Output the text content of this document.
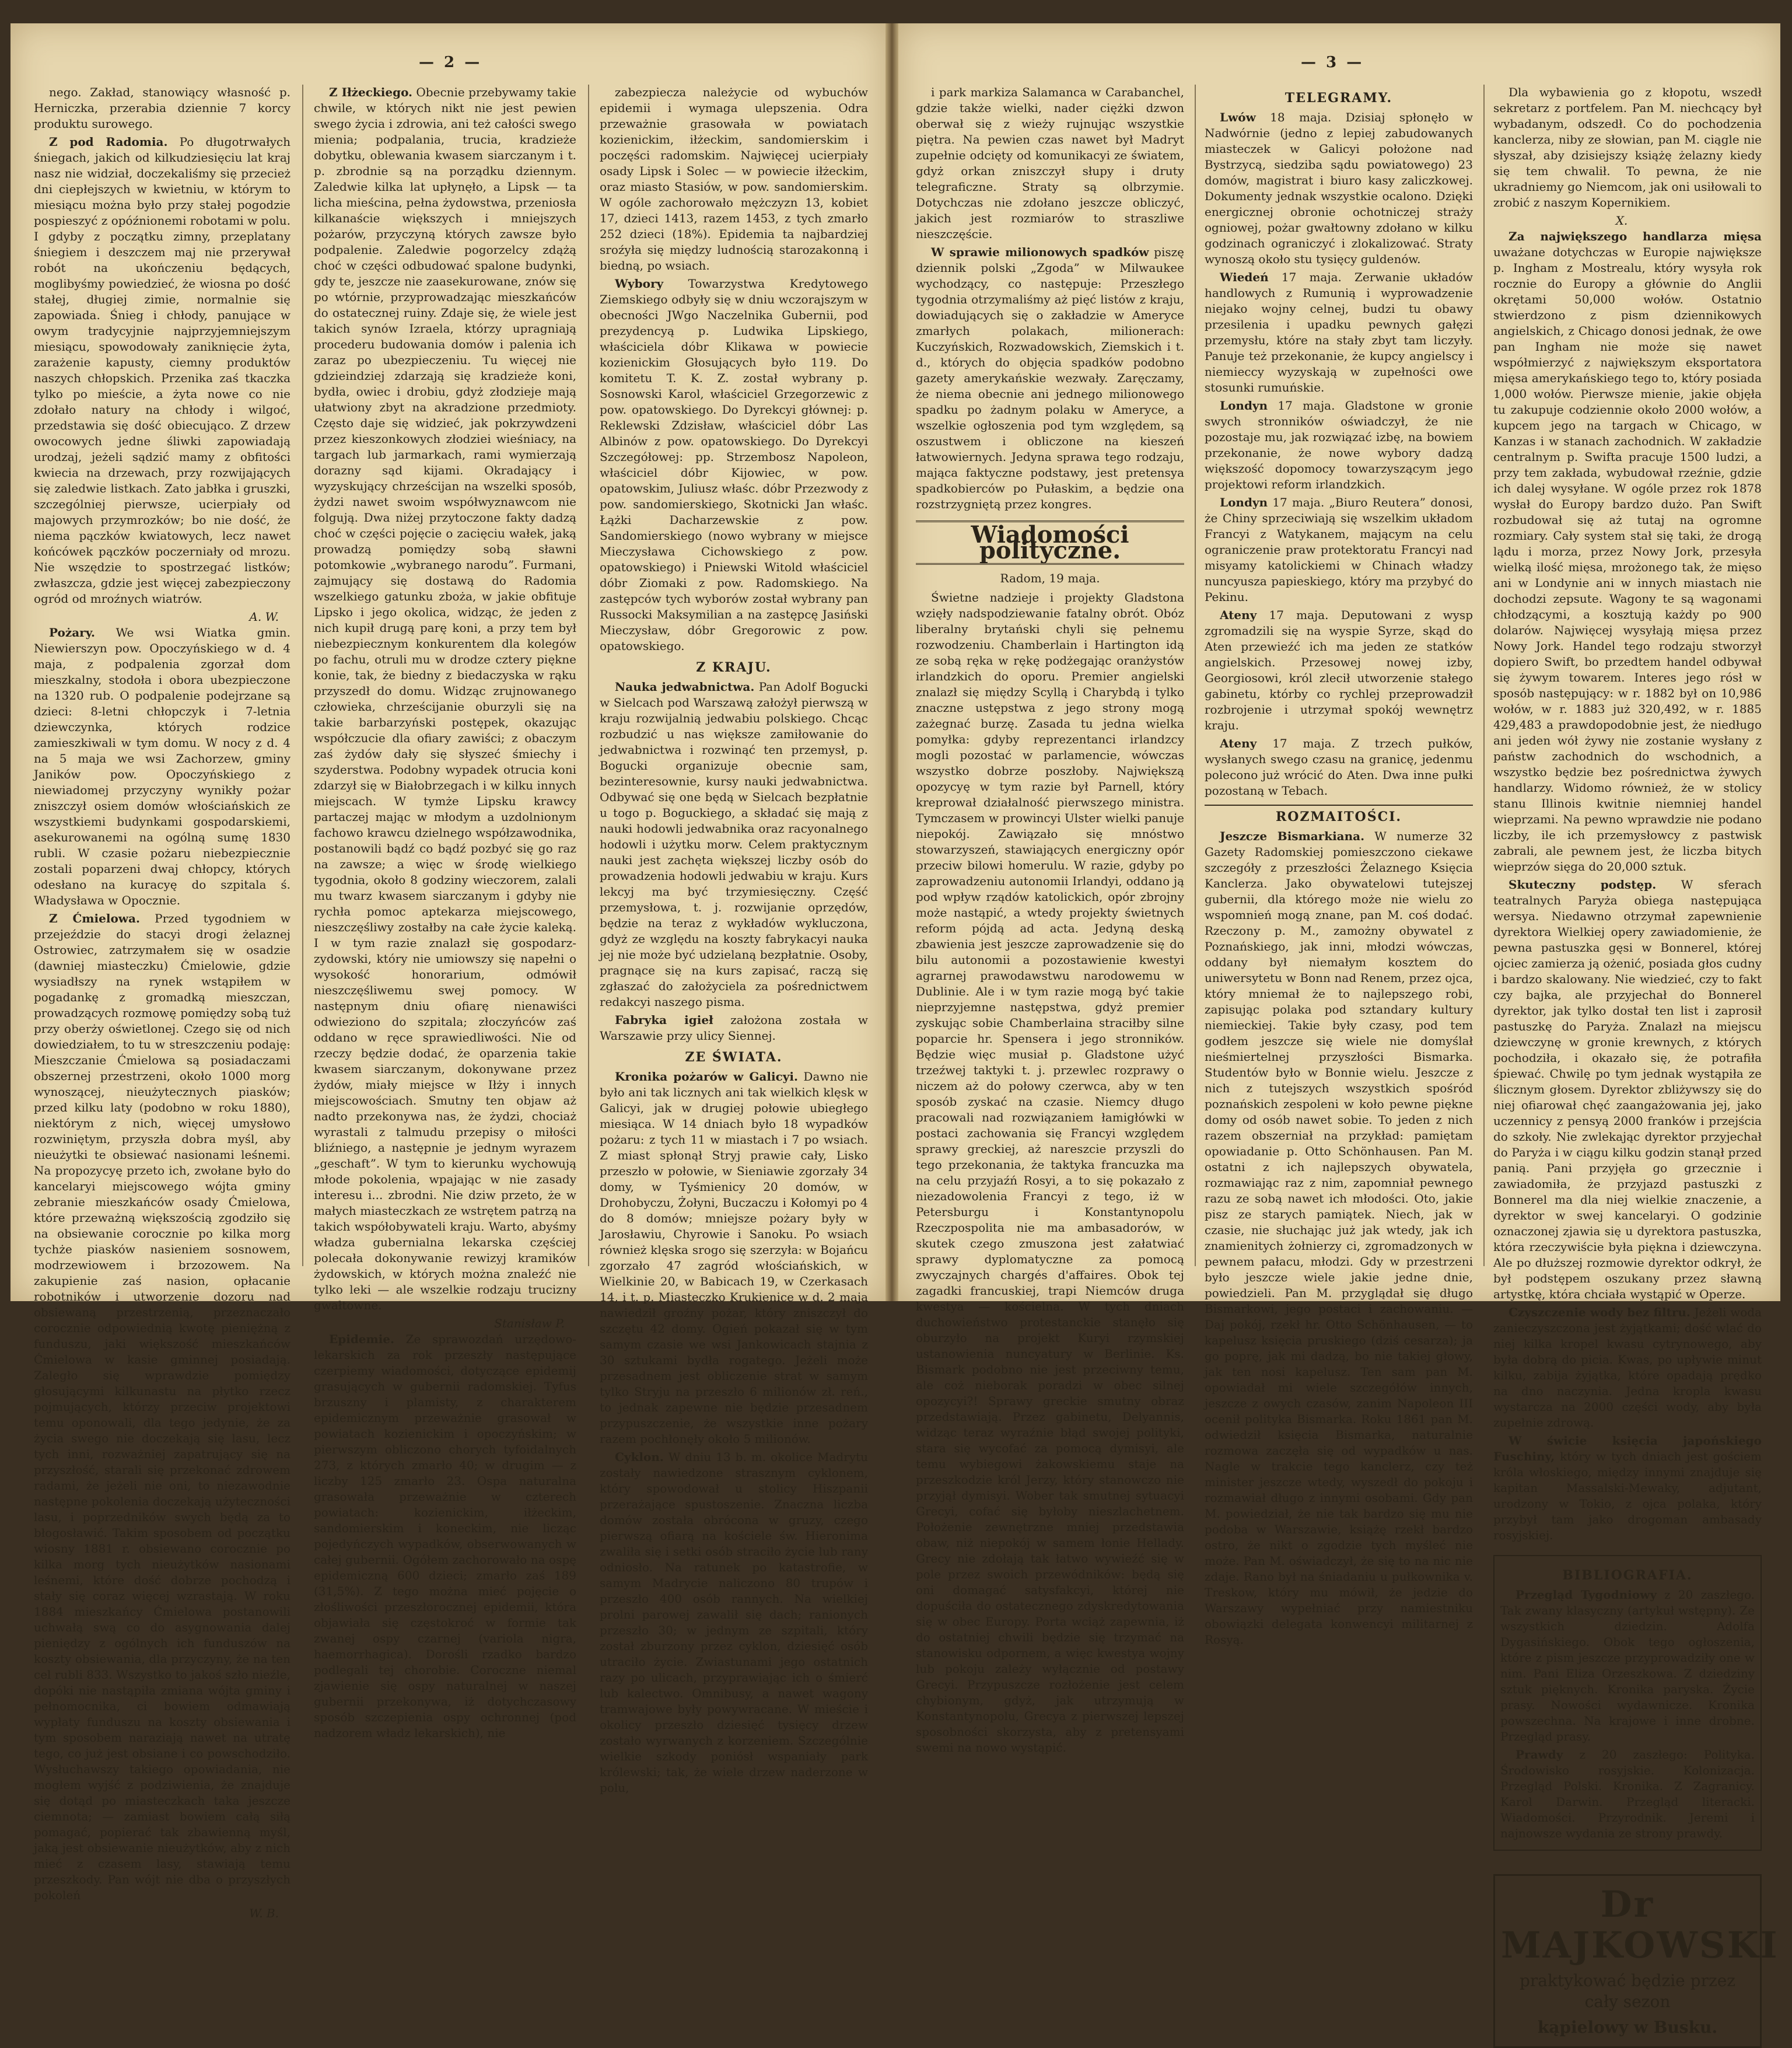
— 2 —

nego. Zakład, stanowiący własność p. Herniczka, przerabia dziennie 7 korcy produktu surowego.

Z pod Radomia. Po długotrwałych śniegach, jakich od kilkudziesięciu lat kraj nasz nie widział, doczekaliśmy się przecież dni ciepłejszych w kwietniu, w którym to miesiącu można było przy stałej pogodzie pospieszyć z opóźnionemi robotami w polu. I gdyby z początku zimny, przeplatany śniegiem i deszczem maj nie przerywał robót na ukończeniu będących, moglibyśmy powiedzieć, że wiosna po dość stałej, długiej zimie, normalnie się zapowiada. Śnieg i chłody, panujące w owym tradycyjnie najprzyjemniejszym miesiącu, spowodowały zaniknięcie żyta, zarażenie kapusty, ciemny produktów naszych chłopskich. Przenika zaś tkaczka tylko po mieście, a żyta nowe co nie zdołało natury na chłody i wilgoć, przedstawia się dość obiecująco. Z drzew owocowych jedne śliwki zapowiadają urodzaj, jeżeli sądzić mamy z obfitości kwiecia na drzewach, przy rozwijających się zaledwie listkach. Zato jabłka i gruszki, szczególniej pierwsze, ucierpiały od majowych przymrozków; bo nie dość, że niema pączków kwiatowych, lecz nawet końcówek pączków poczerniały od mrozu. Nie wszędzie to spostrzegać listków; zwłaszcza, gdzie jest więcej zabezpieczony ogród od mroźnych wiatrów.

A. W.

Pożary. We wsi Wiatka gmin. Niewierszyn pow. Opoczyńskiego w d. 4 maja, z podpalenia zgorzał dom mieszkalny, stodoła i obora ubezpieczone na 1320 rub. O podpalenie podejrzane są dzieci: 8-letni chłopczyk i 7-letnia dziewczynka, których rodzice zamieszkiwali w tym domu. W nocy z d. 4 na 5 maja we wsi Zachorzew, gminy Janików pow. Opoczyńskiego z niewiadomej przyczyny wynikły pożar zniszczył osiem domów włościańskich ze wszystkiemi budynkami gospodarskiemi, asekurowanemi na ogólną sumę 1830 rubli. W czasie pożaru niebezpiecznie zostali poparzeni dwaj chłopcy, których odesłano na kuracyę do szpitala ś. Władysława w Opocznie.

Z Ćmielowa. Przed tygodniem w przejeździe do stacyi drogi żelaznej Ostrowiec, zatrzymałem się w osadzie (dawniej miasteczku) Ćmielowie, gdzie wysiadłszy na rynek wstąpiłem w pogadankę z gromadką mieszczan, prowadzących rozmowę pomiędzy sobą tuż przy oberży oświetlonej. Czego się od nich dowiedziałem, to tu w streszczeniu podaję: Mieszczanie Ćmielowa są posiadaczami obszernej przestrzeni, około 1000 morg wynoszącej, nieużytecznych piasków; przed kilku laty (podobno w roku 1880), niektórym z nich, więcej umysłowo rozwiniętym, przyszła dobra myśl, aby nieużytki te obsiewać nasionami leśnemi. Na propozycyę przeto ich, zwołane było do kancelaryi miejscowego wójta gminy zebranie mieszkańców osady Ćmielowa, które przeważną większością zgodziło się na obsiewanie corocznie po kilka morg tychże piasków nasieniem sosnowem, modrzewiowem i brzozowem. Na zakupienie zaś nasion, opłacanie robotników i utworzenie dozoru nad obsiewaną przestrzenią, przeznaczało corocznie odpowiednią kwotę pieniężną z funduszu, jaki większość mieszkańców Ćmielowa w kasie gminnej posiadają. Zaległo się wprawdzie pomiędzy głosującymi kilkunastu na płytko rzecz pojmujących, którzy przeciw projektowi temu oponowali, dla tego jedynie, że za życia swego nie doczekają się lasu, lecz tych inni, rozważniej zapatrujący się na przyszłość, starali się przekonać zdrowem radami, że jeżeli nie oni, to niezawodnie następne pokolenia doczekają użyteczności lasu, i poprzedników swych będą za to błogosławić. Takim sposobem od początku wiosny 1881 r. obsiewano corocznie po kilka morg tych nieużytków nasionami leśnemi, które dość dobrze pochodzą i stały się coraz więcej wzrastają. W roku 1884 mieszkańcy Ćmielowa postanowili uchwałą swą co do asygnowania dalej pieniędzy z ogólnych ich funduszów na koszty obsiewania, dla przyczyny, że na ten cel rubli 833. Wszystko to jakoś szło nieźle, dopóki nie nastąpiła zmiana wójta gminy i pełnomocnika, ci bowiem odmawiają wypłaty funduszu na koszty obsiewania i tym sposobem naraziają nawet na utratę tego, co już jest obsiane i co powschodziło. Wysłuchawszy takiego opowiadania, nie mogłem wyjść z podziwienia, że znajduje się dotąd po miasteczkach taka jeszcze ciemnota; — zamiast bowiem całą siłą pomagać, popierać tak zbawienną myśl, jaką jest obsiewanie nieużytków, aby z nich mieć z czasem lasy, stawiają temu przeszkody. Pan wójt nie dba o przyszłych pokoleń

W. B.

Z Iłżeckiego. Obecnie przebywamy takie chwile, w których nikt nie jest pewien swego życia i zdrowia, ani też całości swego mienia; podpalania, trucia, kradzieże dobytku, oblewania kwasem siarczanym i t. p. zbrodnie są na porządku dziennym. Zaledwie kilka lat upłynęło, a Lipsk — ta licha mieścina, pełna żydowstwa, przeniosła kilkanaście większych i mniejszych pożarów, przyczyną których zawsze było podpalenie. Zaledwie pogorzelcy zdążą choć w części odbudować spalone budynki, gdy te, jeszcze nie zaasekurowane, znów się po wtórnie, przyprowadzając mieszkańców do ostatecznej ruiny. Zdaje się, że wiele jest takich synów Izraela, którzy upragniają procederu budowania domów i palenia ich zaraz po ubezpieczeniu. Tu więcej nie gdzieindziej zdarzają się kradzieże koni, bydła, owiec i drobiu, gdyż złodzieje mają ułatwiony zbyt na akradzione przedmioty. Często daje się widzieć, jak pokrzywdzeni przez kieszonkowych złodziei wieśniacy, na targach lub jarmarkach, rami wymierzają dorazny sąd kijami. Okradający i wyzyskujący chrześcijan na wszelki sposób, żydzi nawet swoim współwyznawcom nie folgują. Dwa niżej przytoczone fakty dadzą choć w części pojęcie o zacięciu wałek, jaką prowadzą pomiędzy sobą sławni potomkowie „wybranego narodu”. Furmani, zajmujący się dostawą do Radomia wszelkiego gatunku zboża, w jakie obfituje Lipsko i jego okolica, widząc, że jeden z nich kupił drugą parę koni, a przy tem był niebezpiecznym konkurentem dla kolegów po fachu, otruli mu w drodze cztery piękne konie, tak, że biedny z biedaczyska w rąku przyszedł do domu. Widząc zrujnowanego człowieka, chrześcijanie oburzyli się na takie barbarzyński postępek, okazując współczucie dla ofiary zawiści; z obaczym zaś żydów dały się słyszeć śmiechy i szyderstwa. Podobny wypadek otrucia koni zdarzył się w Białobrzegach i w kilku innych miejscach. W tymże Lipsku krawcy partaczej mając w młodym a uzdolnionym fachowo krawcu dzielnego współzawodnika, postanowili bądź co bądź pozbyć się go raz na zawsze; a więc w środę wielkiego tygodnia, około 8 godziny wieczorem, zalali mu twarz kwasem siarczanym i gdyby nie rychła pomoc aptekarza miejscowego, nieszczęśliwy zostałby na całe życie kaleką. I w tym razie znalazł się gospodarz-zydowski, który nie umiowszy się napełni o wysokość honorarium, odmówił nieszczęśliwemu swej pomocy. W następnym dniu ofiarę nienawiści odwieziono do szpitala; złoczyńców zaś oddano w ręce sprawiedliwości. Nie od rzeczy będzie dodać, że oparzenia takie kwasem siarczanym, dokonywane przez żydów, miały miejsce w Iłży i innych miejscowościach. Smutny ten objaw aż nadto przekonywa nas, że żydzi, chociaż wyrastali z talmudu przepisy o miłości bliźniego, a następnie je jednym wyrazem „geschaft”. W tym to kierunku wychowują młode pokolenia, wpajając w nie zasady interesu i... zbrodni. Nie dziw przeto, że w małych miasteczkach ze wstrętem patrzą na takich współobywateli kraju. Warto, abyśmy władza gubernialna lekarska częściej polecała dokonywanie rewizyj kramików żydowskich, w których można znaleźć nie tylko leki — ale wszelkie rodzaju trucizny gwałtowne.

Stanisław P.

Epidemie. Ze sprawozdań urzędowo-lekarskich za rok przeszły następujące czerpiemy wiadomości, dotyczące epidemij grasujących w gubernii radomskiej. Tyfus brzuszny i plamisty, z charakterem epidemicznym przeważnie grasował w powiatach kozienickim i opoczyńskim; w pierwszym obliczono chorych tyfoidalnych 273, z których zmarło 40; w drugim — z liczby 125 zmarło 23. Ospa naturalna grasowała przeważnie w czterech powiatach: kozienickim, iłżeckim, sandomierskim i koneckim, nie licząc pojedyńczych wypadków, obserwowanych w całej gubernii. Ogółem zachorowało na ospę epidemiczną 600 dzieci; zmarło zaś 189 (31,5%). Z tego można mieć pojęcie o złośliwości przeszłorocznej epidemii, która objawiała się częstokroć w formie tak zwanej ospy czarnej (variola nigra, haemorrhagica). Dorośli rzadko bardzo podlegali tej chorobie. Coroczne niemal zjawienie się ospy naturalnej w naszej gubernii przekonywa, iż dotychczasowy sposób szczepienia ospy ochronnej (pod nadzorem władz lekarskich), nie

zabezpiecza należycie od wybuchów epidemii i wymaga ulepszenia. Odra przeważnie grasowała w powiatach kozienickim, iłżeckim, sandomierskim i poczęści radomskim. Najwięcej ucierpiały osady Lipsk i Solec — w powiecie iłżeckim, oraz miasto Stasiów, w pow. sandomierskim. W ogóle zachorowało mężczyzn 13, kobiet 17, dzieci 1413, razem 1453, z tych zmarło 252 dzieci (18%). Epidemia ta najbardziej sroźyła się między ludnością starozakonną i biedną, po wsiach.

Wybory Towarzystwa Kredytowego Ziemskiego odbyły się w dniu wczorajszym w obecności JWgo Naczelnika Gubernii, pod prezydencyą p. Ludwika Lipskiego, właściciela dóbr Klikawa w powiecie kozienickim Głosujących było 119. Do komitetu T. K. Z. został wybrany p. Sosnowski Karol, właściciel Grzegorzewic z pow. opatowskiego. Do Dyrekcyi głównej: p. Reklewski Zdzisław, właściciel dóbr Las Albinów z pow. opatowskiego. Do Dyrekcyi Szczegółowej: pp. Strzembosz Napoleon, właściciel dóbr Kijowiec, w pow. opatowskim, Juliusz właśc. dóbr Przezwody z pow. sandomierskiego, Skotnicki Jan właśc. Łążki Dacharzewskie z pow. Sandomierskiego (nowo wybrany w miejsce Mieczysława Cichowskiego z pow. opatowskiego) i Pniewski Witold właściciel dóbr Ziomaki z pow. Radomskiego. Na zastępców tych wyborów został wybrany pan Russocki Maksymilian a na zastępcę Jasiński Mieczysław, dóbr Gregorowic z pow. opatowskiego.

Z KRAJU.

Nauka jedwabnictwa. Pan Adolf Bogucki w Sielcach pod Warszawą założył pierwszą w kraju rozwijalnią jedwabiu polskiego. Chcąc rozbudzić u nas większe zamiłowanie do jedwabnictwa i rozwinąć ten przemysł, p. Bogucki organizuje obecnie sam, bezinteresownie, kursy nauki jedwabnictwa. Odbywać się one będą w Sielcach bezpłatnie u togo p. Boguckiego, a składać się mają z nauki hodowli jedwabnika oraz racyonalnego hodowli i użytku morw. Celem praktycznym nauki jest zachęta większej liczby osób do prowadzenia hodowli jedwabiu w kraju. Kurs lekcyj ma być trzymiesięczny. Część przemysłowa, t. j. rozwijanie oprzędów, będzie na teraz z wykładów wykluczona, gdyż ze względu na koszty fabrykacyi nauka jej nie może być udzielaną bezpłatnie. Osoby, pragnące się na kurs zapisać, raczą się zgłaszać do założyciela za pośrednictwem redakcyi naszego pisma.

Fabryka igieł założona została w Warszawie przy ulicy Siennej.

ZE ŚWIATA.

Kronika pożarów w Galicyi. Dawno nie było ani tak licznych ani tak wielkich klęsk w Galicyi, jak w drugiej połowie ubiegłego miesiąca. W 14 dniach było 18 wypadków pożaru: z tych 11 w miastach i 7 po wsiach. Z miast spłonął Stryj prawie cały, Lisko przeszło w połowie, w Sieniawie zgorzały 34 domy, w Tyśmienicy 20 domów, w Drohobyczu, Żołyni, Buczaczu i Kołomyi po 4 do 8 domów; mniejsze pożary były w Jarosławiu, Chyrowie i Sanoku. Po wsiach również klęska srogo się szerzyła: w Bojańcu zgorzało 47 zagród włościańskich, w Wielkinie 20, w Babicach 19, w Czerkasach 14, i t. p. Miasteczko Krukienice w d. 2 maja nawiedził groźny pożar, który zniszczył do szczętu 42 domy. Ogień pokazał się w tym samym czasie we wsi Jankowicach stajnia z 30 sztukami bydła rogatego. Jeżeli może przesadnem jest obliczenie strat w samym tylko Stryju na przeszło 6 milionów zł. reń., to jednak zapewne nie będzie przesadnem przypuszczenie, że wszystkie inne pożary razem pochłonęły około 5 milionów.

Cyklon. W dniu 13 b. m. okolice Madrytu zostały nawiedzone strasznym cyklonem, który spowodował u stolicy Hiszpanii przerażające spustoszenie. Znaczna liczba domów została obrócona w gruzy, czego pierwszą ofiarą na kościele św. Hieronima zwaliła się i setki osób straciło życie lub rany odniosło. Na ratunek po katastrofie, w samym Madrycie naliczono 80 trupów i przeszło 400 osób rannych. Na wielkiej prolni parowej zawalił się dach; ranionych przeszło 30; w jednym ze szpitali, który został zburzony przez cyklon, dziesięć osób utraciło życie. Zwiastunami jego ostatnich razy po ulicach, przyprawiając ich o śmierć lub kalectwo. Omnibusy, a nawet wagony tramwajowe były powywracane. W mieście i okolicy przeszło dziesięć tysięcy drzew zostało wyrwanych z korzeniem. Szczególnie wielkie szkody poniósł wspaniały park królewski; tak, że wiele drzew naderzone w polu,

— 3 —

i park markiza Salamanca w Carabanchel, gdzie także wielki, nader ciężki dzwon oberwał się z wieży rujnując wszystkie piętra. Na pewien czas nawet był Madryt zupełnie odcięty od komunikacyi ze światem, gdyż orkan zniszczył słupy i druty telegraficzne. Straty są olbrzymie. Dotychczas nie zdołano jeszcze obliczyć, jakich jest rozmiarów to straszliwe nieszczęście.

W sprawie milionowych spadków piszę dziennik polski „Zgoda” w Milwaukee wychodzący, co następuje: Przeszłego tygodnia otrzymaliśmy aż pięć listów z kraju, dowiadujących się o zakładzie w Ameryce zmarłych polakach, milionerach: Kuczyńskich, Rozwadowskich, Ziemskich i t. d., których do objęcia spadków podobno gazety amerykańskie wezwały. Zaręczamy, że niema obecnie ani jednego milionowego spadku po żadnym polaku w Ameryce, a wszelkie ogłoszenia pod tym względem, są oszustwem i obliczone na kieszeń łatwowiernych. Jedyna sprawa tego rodzaju, mająca faktyczne podstawy, jest pretensya spadkobierców po Pułaskim, a będzie ona rozstrzygniętą przez kongres.

Wiadomości polityczne.
Radom, 19 maja.

Świetne nadzieje i projekty Gladstona wzięły nadspodziewanie fatalny obrót. Obóz liberalny brytański chyli się pełnemu rozwodzeniu. Chamberlain i Hartington idą ze sobą ręka w rękę podżegając oranżystów irlandzkich do oporu. Premier angielski znalazł się między Scyllą i Charybdą i tylko znaczne ustępstwa z jego strony mogą zażegnać burzę. Zasada tu jedna wielka pomyłka: gdyby reprezentanci irlandzcy mogli pozostać w parlamencie, wówczas wszystko dobrze poszłoby. Największą opozycyę w tym razie był Parnell, który kreprował działalność pierwszego ministra. Tymczasem w prowincyi Ulster wielki panuje niepokój. Zawiązało się mnóstwo stowarzyszeń, stawiających energiczny opór przeciw bilowi homerulu. W razie, gdyby po zaprowadzeniu autonomii Irlandyi, oddano ją pod wpływ rządów katolickich, opór zbrojny może nastąpić, a wtedy projekty świetnych reform pójdą ad acta. Jedyną deską zbawienia jest jeszcze zaprowadzenie się do bilu autonomii a pozostawienie kwestyi agrarnej prawodawstwu narodowemu w Dublinie. Ale i w tym razie mogą być takie nieprzyjemne następstwa, gdyż premier zyskując sobie Chamberlaina straciłby silne poparcie hr. Spensera i jego stronników. Będzie więc musiał p. Gladstone użyć trzeźwej taktyki t. j. przewlec rozprawy o niczem aż do połowy czerwca, aby w ten sposób zyskać na czasie. Niemcy długo pracowali nad rozwiązaniem łamigłówki w postaci zachowania się Francyi względem sprawy greckiej, aż nareszcie przyszli do tego przekonania, że taktyka francuzka ma na celu przyjaźń Rosyi, a to się pokazało z niezadowolenia Francyi z tego, iż w Petersburgu i Konstantynopolu Rzeczpospolita nie ma ambasadorów, w skutek czego zmuszona jest załatwiać sprawy dyplomatyczne za pomocą zwyczajnych chargés d'affaires. Obok tej zagadki francuskiej, trapi Niemców druga kwestya — kościelna. W tych dniach duchowieństwo protestanckie stanęło się oburzyło na projekt Kuryi rzymskiej ustanowienia nuncyatury w Berlinie. Ks. Bismark podobno nie jest przeciwny temu, ale coż nieborak poradzi w obec silnej opozycyi?! Sprawy greckie smutny obraz przedstawiają. Przez gabinetu, Delyannis, widząc teraz wyraźnie błąd swojej polityki, stara się wycofać za pomocą dymisyi, ale temu wybiegowi żakowskiemu staje na przeszkodzie król Jerzy, który stanowczo nie przyjął dymisyi. Wober tak smutnej sytuacyi Grecyi, cofać się byłoby nieszlachetnem. Położenie zewnętrzne mniej przedstawia obaw, niż niepokój w samem łonie Hellady. Grecy nie zdołają tak łatwo wywieźć się w pole przez swoich przewódników: będą się oni domagać satysfakcyi, której nie dopuściła do ostatecznego zdyskredytowania się w obec Europy. Porta wciąż zapewnia, iż do ostatniej chwili będzie się trzymać na stanowisku odpornem, a więc kwestya wojny lub pokoju zależy wyłącznie od postawy Grecyi. Przypuszcze rozłożenie jest celem chybionym, gdyż, jak utrzymują w Konstantynopolu, Grecya z pierwszej lepszej sposobności skorzysta, aby z pretensyami swemi na nowo wystąpić.

TELEGRAMY.

Lwów 18 maja. Dzisiaj spłonęło w Nadwórnie (jedno z lepiej zabudowanych miasteczek w Galicyi położone nad Bystrzycą, siedziba sądu powiatowego) 23 domów, magistrat i biuro kasy zaliczkowej. Dokumenty jednak wszystkie ocalono. Dzięki energicznej obronie ochotniczej straży ogniowej, pożar gwałtowny zdołano w kilku godzinach ograniczyć i zlokalizować. Straty wynoszą około stu tysięcy guldenów.

Wiedeń 17 maja. Zerwanie układów handlowych z Rumunią i wyprowadzenie niejako wojny celnej, budzi tu obawy przesilenia i upadku pewnych gałęzi przemysłu, które na stały zbyt tam liczyły. Panuje też przekonanie, że kupcy angielscy i niemieccy wyzyskają w zupełności owe stosunki rumuńskie.

Londyn 17 maja. Gladstone w gronie swych stronników oświadczył, że nie pozostaje mu, jak rozwiązać izbę, na bowiem przekonanie, że nowe wybory dadzą większość dopomocy towarzyszącym jego projektowi reform irlandzkich.

Londyn 17 maja. „Biuro Reutera” donosi, że Chiny sprzeciwiają się wszelkim układom Francyi z Watykanem, mającym na celu ograniczenie praw protektoratu Francyi nad misyamy katolickiemi w Chinach władzy nuncyusza papieskiego, który ma przybyć do Pekinu.

Ateny 17 maja. Deputowani z wysp zgromadzili się na wyspie Syrze, skąd do Aten przewieźć ich ma jeden ze statków angielskich. Przesowej nowej izby, Georgiosowi, król zlecił utworzenie stałego gabinetu, którby co rychlej przeprowadził rozbrojenie i utrzymał spokój wewnętrz kraju.

Ateny 17 maja. Z trzech pułków, wysłanych swego czasu na granicę, jedenmu polecono już wrócić do Aten. Dwa inne pułki pozostaną w Tebach.

ROZMAITOŚCI.

Jeszcze Bismarkiana. W numerze 32 Gazety Radomskiej pomieszczono ciekawe szczegóły z przeszłości Żelaznego Księcia Kanclerza. Jako obywatelowi tutejszej gubernii, dla którego może nie wielu zo wspomnień mogą znane, pan M. coś dodać. Rzeczony p. M., zamożny obywatel z Poznańskiego, jak inni, młodzi wówczas, oddany był niemałym kosztem do uniwersytetu w Bonn nad Renem, przez ojca, który mniemał że to najlepszego robi, zapisując polaka pod sztandary kultury niemieckiej. Takie były czasy, pod tem godłem jeszcze się wiele nie domyślał nieśmiertelnej przyszłości Bismarka. Studentów było w Bonnie wielu. Jeszcze z nich z tutejszych wszystkich spośród poznańskich zespoleni w koło pewne piękne domy od osób nawet sobie. To jeden z nich razem obszerniał na przykład: pamiętam opowiadanie p. Otto Schönhausen. Pan M. ostatni z ich najlepszych obywatela, rozmawiając raz z nim, zapomniał pewnego razu ze sobą nawet ich młodości. Oto, jakie pisz ze starych pamiątek. Niech, jak w czasie, nie słuchając już jak wtedy, jak ich znamienitych żołnierzy ci, zgromadzonych w pewnem pałacu, młodzi. Gdy w przestrzeni było jeszcze wiele jakie jedne dnie, powiedzieli. Pan M. przyglądał się długo Bismarkowi, jego postaci i zachowaniu. — Daj pokój, rzekł hr. Otto Schönhausen, — to kapelusz księcia pruskiego (dziś cesarza); ja go poprę, jak mi dadzą, bo nie takiej głowy, jak ten nosi kapelusz. Ten sam pan M. opowiadał mi wiele szczegółów innych, jeszcze z owych czasów, zanim Napoleon III ocenił polityka Bismarka. Roku 1861 pan M. odwiedził księcia Bismarka, naturalnie rozmowa zaczęła się od wypadków u nas. Nagle w trakcie tego kanclerz, czy też minister jeszcze wtedy, wyszedł do pokoju i rozmawiał długo z innymi osobami. Gdy pan M. powiedział, że nie tak bardzo się mu nie podoba w Warszawie, książę rzekł bardzo ostro, że nikt o zgodzie tych myśleć nie może. Pan M. oświadczył, że się to na nic nie zdaje. Rano był na śniadaniu u pułkownika v. Treskow, który mu mówił, że jedzie do Warszawy wypełniać przy namiestniku obowiązki delegata konwencyi militarnej z Rosyą.

Dla wybawienia go z kłopotu, wszedł sekretarz z portfelem. Pan M. niechcący był wybadanym, odszedł. Co do pochodzenia kanclerza, niby ze słowian, pan M. ciągle nie słyszał, aby dzisiejszy książę żelazny kiedy się tem chwalił. To pewna, że nie ukradniemy go Niemcom, jak oni usiłowali to zrobić z naszym Kopernikiem.

X.

Za największego handlarza mięsa uważane dotychczas w Europie największe p. Ingham z Mostrealu, który wysyła rok rocznie do Europy a głównie do Anglii okrętami 50,000 wołów. Ostatnio stwierdzono z pism dziennikowych angielskich, z Chicago donosi jednak, że owe pan Ingham nie może się nawet współmierzyć z największym eksportatora mięsa amerykańskiego tego to, który posiada 1,000 wołów. Pierwsze mienie, jakie objęła tu zakupuje codziennie około 2000 wołów, a kupcem jego na targach w Chicago, w Kanzas i w stanach zachodnich. W zakładzie centralnym p. Swifta pracuje 1500 ludzi, a przy tem zakłada, wybudował rzeźnie, gdzie ich dalej wysyłane. W ogóle przez rok 1878 wysłał do Europy bardzo dużo. Pan Swift rozbudował się aż tutaj na ogromne rozmiary. Cały system stał się taki, że drogą lądu i morza, przez Nowy Jork, przesyła wielką ilość mięsa, mrożonego tak, że mięso ani w Londynie ani w innych miastach nie dochodzi zepsute. Wagony te są wagonami chłodzącymi, a kosztują każdy po 900 dolarów. Najwięcej wysyłają mięsa przez Nowy Jork. Handel tego rodzaju stworzył dopiero Swift, bo przedtem handel odbywał się żywym towarem. Interes jego rósł w sposób następujący: w r. 1882 był on 10,986 wołów, w r. 1883 już 320,492, w r. 1885 429,483 a prawdopodobnie jest, że niedługo ani jeden wół żywy nie zostanie wysłany z państw zachodnich do wschodnich, a wszystko będzie bez pośrednictwa żywych handlarzy. Widomo również, że w stolicy stanu Illinois kwitnie niemniej handel wieprzami. Na pewno wprawdzie nie podano liczby, ile ich przemysłowcy z pastwisk zabrali, ale pewnem jest, że liczba bitych wieprzów sięga do 20,000 sztuk.

Skuteczny podstęp. W sferach teatralnych Paryża obiega następująca wersya. Niedawno otrzymał zapewnienie dyrektora Wielkiej opery zawiadomienie, że pewna pastuszka gęsi w Bonnerel, której ojciec zamierza ją ożenić, posiada głos cudny i bardzo skalowany. Nie wiedzieć, czy to fakt czy bajka, ale przyjechał do Bonnerel dyrektor, jak tylko dostał ten list i zaprosił pastuszkę do Paryża. Znalazł na miejscu dziewczynę w gronie krewnych, z których pochodziła, i okazało się, że potrafiła śpiewać. Chwilę po tym jednak wystąpiła ze ślicznym głosem. Dyrektor zbliżywszy się do niej ofiarował chęć zaangażowania jej, jako uczennicy z pensyą 2000 franków i przejścia do szkoły. Nie zwlekając dyrektor przyjechał do Paryża i w ciągu kilku godzin stanął przed panią. Pani przyjęła go grzecznie i zawiadomiła, że przyjazd pastuszki z Bonnerel ma dla niej wielkie znaczenie, a dyrektor w swej kancelaryi. O godzinie oznaczonej zjawia się u dyrektora pastuszka, która rzeczywiście była piękna i dziewczyna. Ale po dłuższej rozmowie dyrektor odkrył, że był podstępem oszukany przez sławną artystkę, która chciała wystąpić w Operze.

Czyszczenie wody bez filtru. Jeżeli woda zanieczyszczona jest żyjątkami; dość wlać do niej kilka kropel kwasu cytrynowego, aby była dobrą do picia. Kwas, po upływie minut kilku, zabija żyjątka, które opadają prędko na dno naczynia. Jedna kropla kwasu wystarcza na 2000 części wody, aby była zupełnie zdrową.

W świcie księcia japońskiego Fuschiny, który w tych dniach jest gościem króla włoskiego, między innymi znajduje się kapitan Massalski-Mewaky, adjutant, urodzony w Tokio, z ojca polaka, który przybył tam jako drogoman ambasady rosyjskiej.

BIBLIOGRAFIA.

Przegląd Tygodniowy z 20 zaszłego. Tak zwany klasyczny (artykuł wstępny). Ze wszystkich dziedzin. Adolfa Dygasińskiego. Obok tego ogłoszenia, które z pism jeszcze przyprowadziły one w nim. Pani Eliza Orzeszkowa. Z dziedziny sztuk pięknych. Kronika paryska. Życie prasy. Nowości wydawnicze. Kronika powszechna. Na krajowe i inne drobne. Przegląd prasy.

Prawdy z 20 zaszłego: Polityka. Środowisko rosyjskie. Kolonizacja. Przegląd Polski. Kronika. Z Zagranicy. Karol Darwin. Przegląd literacki. Wiadomości. Przyrodnik. Jeremi i najnowsze wydania ze strony prawdy.

Dr MAJKOWSKI
praktykować będzie przez cały sezon
kąpielowy w Busku.
